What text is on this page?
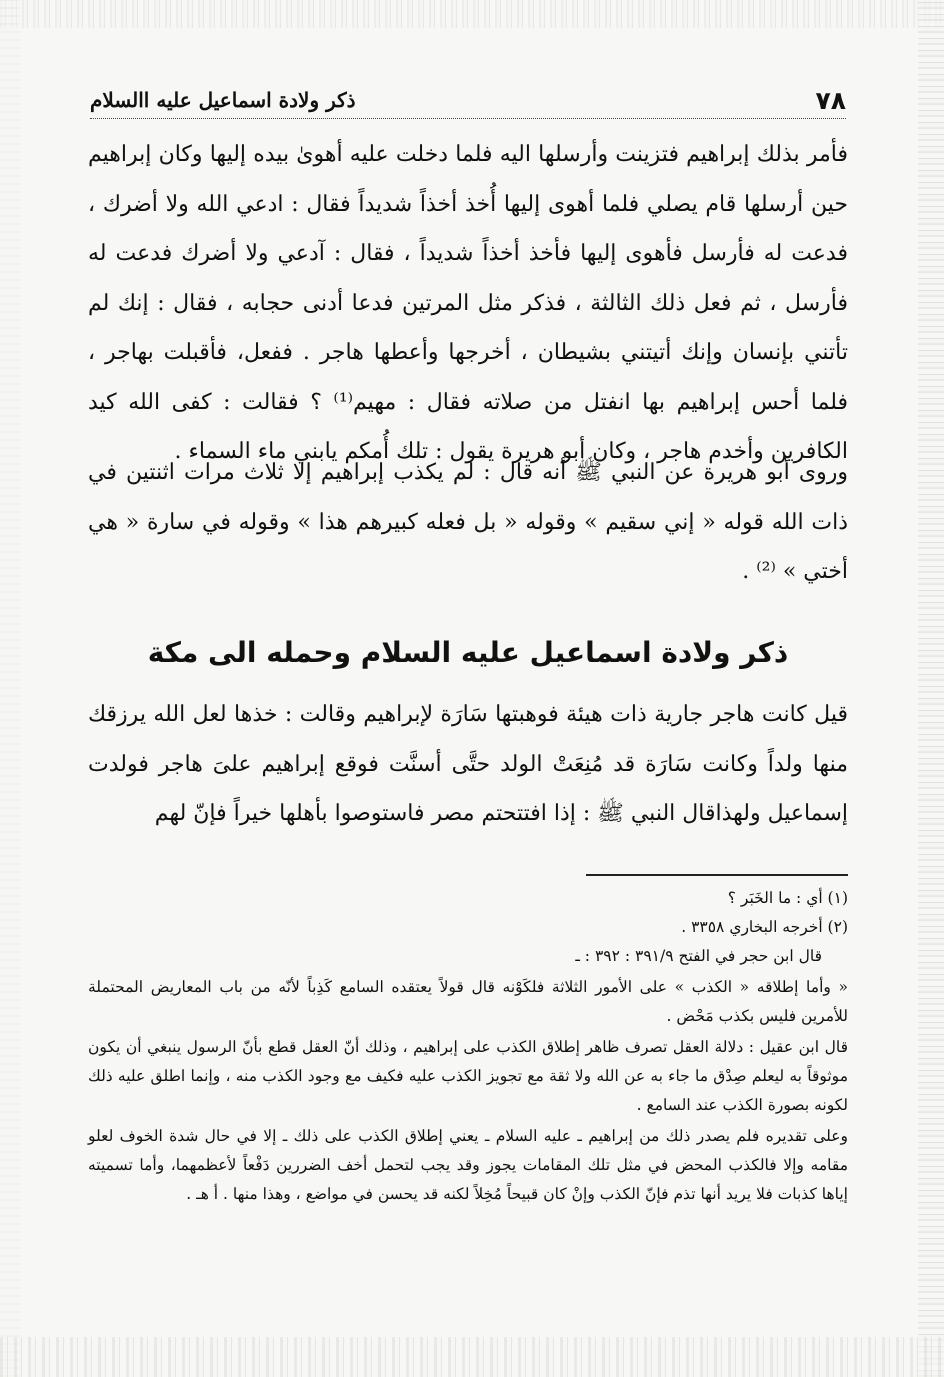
٧٨
ذكر ولادة اسماعيل عليه االسلام

فأمر بذلك إبراهيم فتزينت وأرسلها اليه فلما دخلت عليه أهوىٰ بيده إليها وكان إبراهيم حين أرسلها قام يصلي فلما أهوى إليها أُخذ أخذاً شديداً فقال : ادعي الله ولا أضرك ، فدعت له فأرسل فأهوى إليها فأخذ أخذاً شديداً ، فقال : آدعي ولا أضرك فدعت له فأرسل ، ثم فعل ذلك الثالثة ، فذكر مثل المرتين فدعا أدنى حجابه ، فقال : إنك لم تأتني بإنسان وإنك أتيتني بشيطان ، أخرجها وأعطها هاجر . ففعل، فأقبلت بهاجر ، فلما أحس إبراهيم بها انفتل من صلاته فقال : مهيم⁽¹⁾ ؟ فقالت : كفى الله كيد الكافرين وأخدم هاجر ، وكان أبو هريرة يقول : تلك أُمكم يابني ماء السماء .

وروى أبو هريرة عن النبي ﷺ أنه قال : لم يكذب إبراهيم إلا ثلاث مرات اثنتين في ذات الله قوله « إني سقيم » وقوله « بل فعله كبيرهم هذا » وقوله في سارة « هي أختي » ⁽²⁾ .

ذكر ولادة اسماعيل عليه السلام وحمله الى مكة

قيل كانت هاجر جارية ذات هيئة فوهبتها سَارَة لإبراهيم وقالت : خذها لعل الله يرزقك منها ولداً وكانت سَارَة قد مُنِعَتْ الولد حتَّى أسنَّت فوقع إبراهيم علىَ هاجر فولدت إسماعيل ولهذاقال النبي ﷺ : إذا افتتحتم مصر فاستوصوا بأهلها خيراً فإنّ لهم

(١) أي : ما الخَبَر ؟

(٢) أخرجه البخاري ٣٣٥٨ .

قال ابن حجر في الفتح ٣٩١/٩ : ٣٩٢ : ـ

« وأما إطلاقه « الكذب » على الأمور الثلاثة فلكَوْنه قال قولاً يعتقده السامع كَذِباً لأنّه من باب المعاريض المحتملة للأمرين فليس بكذب مَحْض .

قال ابن عقيل : دلالة العقل تصرف ظاهر إطلاق الكذب على إبراهيم ، وذلك أنّ العقل قطع بأنّ الرسول ينبغي أن يكون موثوقاً به ليعلم صِدْق ما جاء به عن الله ولا ثقة مع تجويز الكذب عليه فكيف مع وجود الكذب منه ، وإنما اطلق عليه ذلك لكونه بصورة الكذب عند السامع .

وعلى تقديره فلم يصدر ذلك من إبراهيم ـ عليه السلام ـ يعني إطلاق الكذب على ذلك ـ إلا في حال شدة الخوف لعلو مقامه وإلا فالكذب المحض في مثل تلك المقامات يجوز وقد يجب لتحمل أخف الضررين دَفْعاً لأعظمهما، وأما تسميته إياها كذبات فلا يريد أنها تذم فإنّ الكذب وإنْ كان قبيحاً مُخِلاً لكنه قد يحسن في مواضع ، وهذا منها . أ هـ .
